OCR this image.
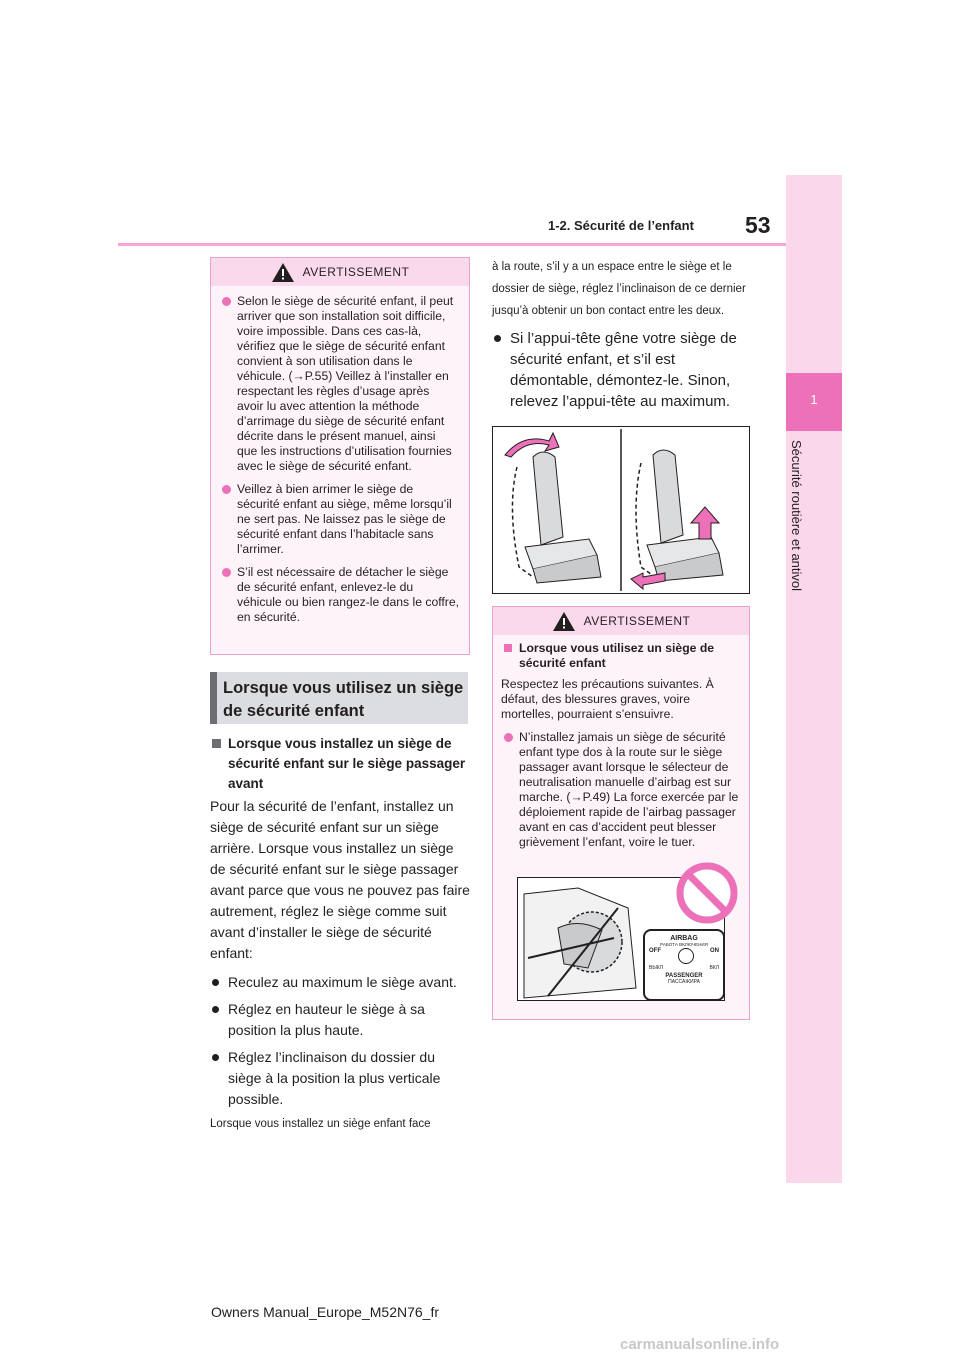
1-2. Sécurité de l’enfant 53
1
Sécurité routière et antivol
AVERTISSEMENT
Selon le siège de sécurité enfant, il peut arriver que son installation soit difficile, voire impossible. Dans ces cas-là, vérifiez que le siège de sécurité enfant convient à son utilisation dans le véhicule. (→P.55) Veillez à l’installer en respectant les règles d’usage après avoir lu avec attention la méthode d’arrimage du siège de sécurité enfant décrite dans le présent manuel, ainsi que les instructions d’utilisation fournies avec le siège de sécurité enfant.
Veillez à bien arrimer le siège de sécurité enfant au siège, même lorsqu’il ne sert pas. Ne laissez pas le siège de sécurité enfant dans l’habitacle sans l’arrimer.
S’il est nécessaire de détacher le siège de sécurité enfant, enlevez-le du véhicule ou bien rangez-le dans le coffre, en sécurité.
Lorsque vous utilisez un siège de sécurité enfant
Lorsque vous installez un siège de sécurité enfant sur le siège passager avant
Pour la sécurité de l’enfant, installez un siège de sécurité enfant sur un siège arrière. Lorsque vous installez un siège de sécurité enfant sur le siège passager avant parce que vous ne pouvez pas faire autrement, réglez le siège comme suit avant d’installer le siège de sécurité enfant:
Reculez au maximum le siège avant.
Réglez en hauteur le siège à sa position la plus haute.
Réglez l’inclinaison du dossier du siège à la position la plus verticale possible.
Lorsque vous installez un siège enfant face
à la route, s’il y a un espace entre le siège et le dossier de siège, réglez l’inclinaison de ce dernier jusqu’à obtenir un bon contact entre les deux.
Si l’appui-tête gêne votre siège de sécurité enfant, et s’il est démontable, démontez-le. Sinon, relevez l’appui-tête au maximum.
AVERTISSEMENT
Lorsque vous utilisez un siège de sécurité enfant
Respectez les précautions suivantes. À défaut, des blessures graves, voire mortelles, pourraient s’ensuivre.
N’installez jamais un siège de sécurité enfant type dos à la route sur le siège passager avant lorsque le sélecteur de neutralisation manuelle d’airbag est sur marche. (→P.49) La force exercée par le déploiement rapide de l’airbag passager avant en cas d’accident peut blesser grièvement l’enfant, voire le tuer.
AIRBAG
РАБОТА ВКЛЮЧЕНИЯ
OFF	ON
ВЫКЛ	ВКЛ
PASSENGER
ПАССАЖИРА
Owners Manual_Europe_M52N76_fr
carmanualsonline.info
